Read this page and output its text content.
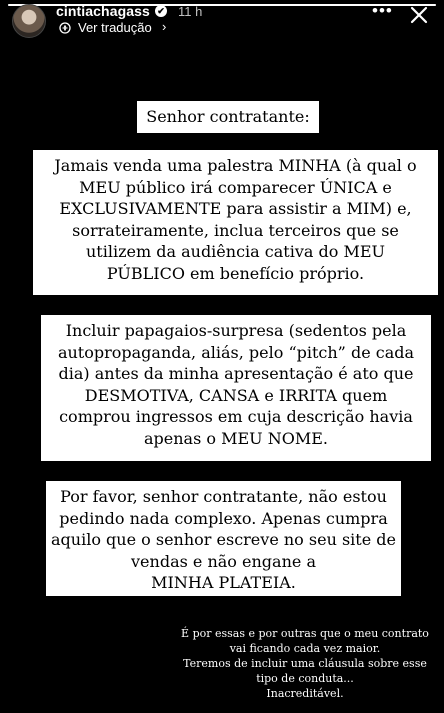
cintiachagass ✔ 11 h
Ver tradução ›
•••
Senhor contratante:
Jamais venda uma palestra MINHA (à qual o
MEU público irá comparecer ÚNICA e
EXCLUSIVAMENTE para assistir a MIM) e,
sorrateiramente, inclua terceiros que se
utilizem da audiência cativa do MEU
PÚBLICO em benefício próprio.
Incluir papagaios-surpresa (sedentos pela
autopropaganda, aliás, pelo “pitch” de cada
dia) antes da minha apresentação é ato que
DESMOTIVA, CANSA e IRRITA quem
comprou ingressos em cuja descrição havia
apenas o MEU NOME.
Por favor, senhor contratante, não estou
pedindo nada complexo. Apenas cumpra
aquilo que o senhor escreve no seu site de
vendas e não engane a
MINHA PLATEIA.
É por essas e por outras que o meu contrato
vai ficando cada vez maior.
Teremos de incluir uma cláusula sobre esse
tipo de conduta...
Inacreditável.
